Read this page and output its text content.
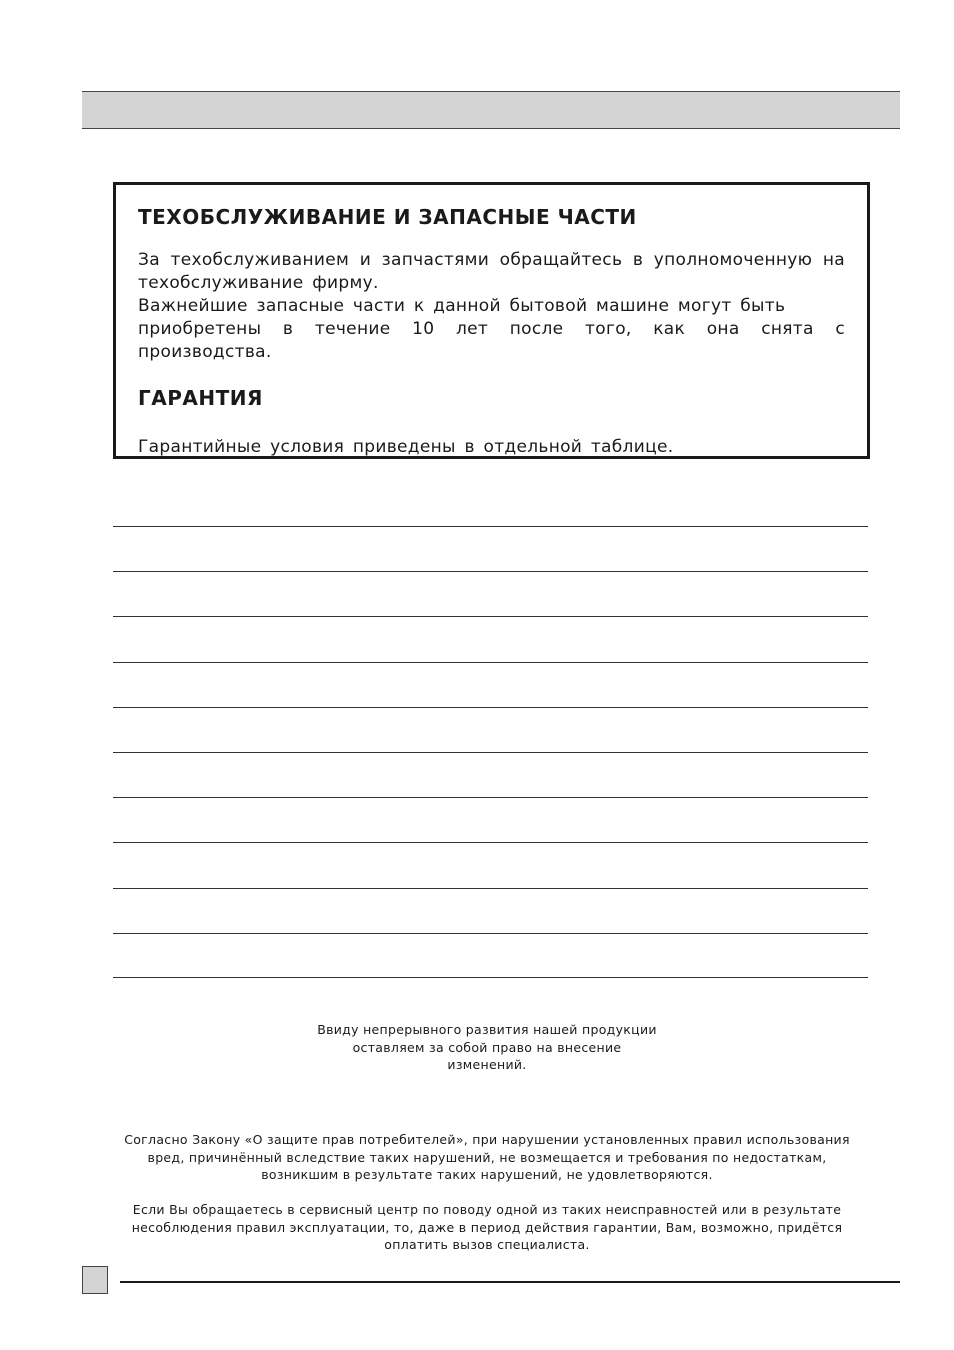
ТЕХОБСЛУЖИВАНИЕ И ЗАПАСНЫЕ ЧАСТИ

За техобслуживанием и запчастями обращайтесь в уполномоченную на

техобслуживание фирму.

Важнейшие запасные части к данной бытовой машине могут быть

приобретены в течение 10 лет после того, как она снята с производства.

ГАРАНТИЯ

Гарантийные условия приведены в отдельной таблице.

Ввиду непрерывного развития нашей продукции
оставляем за собой право на внесение
изменений.
Согласно Закону «О защите прав потребителей», при нарушении установленных правил использования
вред, причинённый вследствие таких нарушений, не возмещается и требования по недостаткам,
возникшим в результате таких нарушений, не удовлетворяются.
Если Вы обращаетесь в сервисный центр по поводу одной из таких неисправностей или в результате
несоблюдения правил эксплуатации, то, даже в период действия гарантии, Вам, возможно, придётся
оплатить вызов специалиста.
